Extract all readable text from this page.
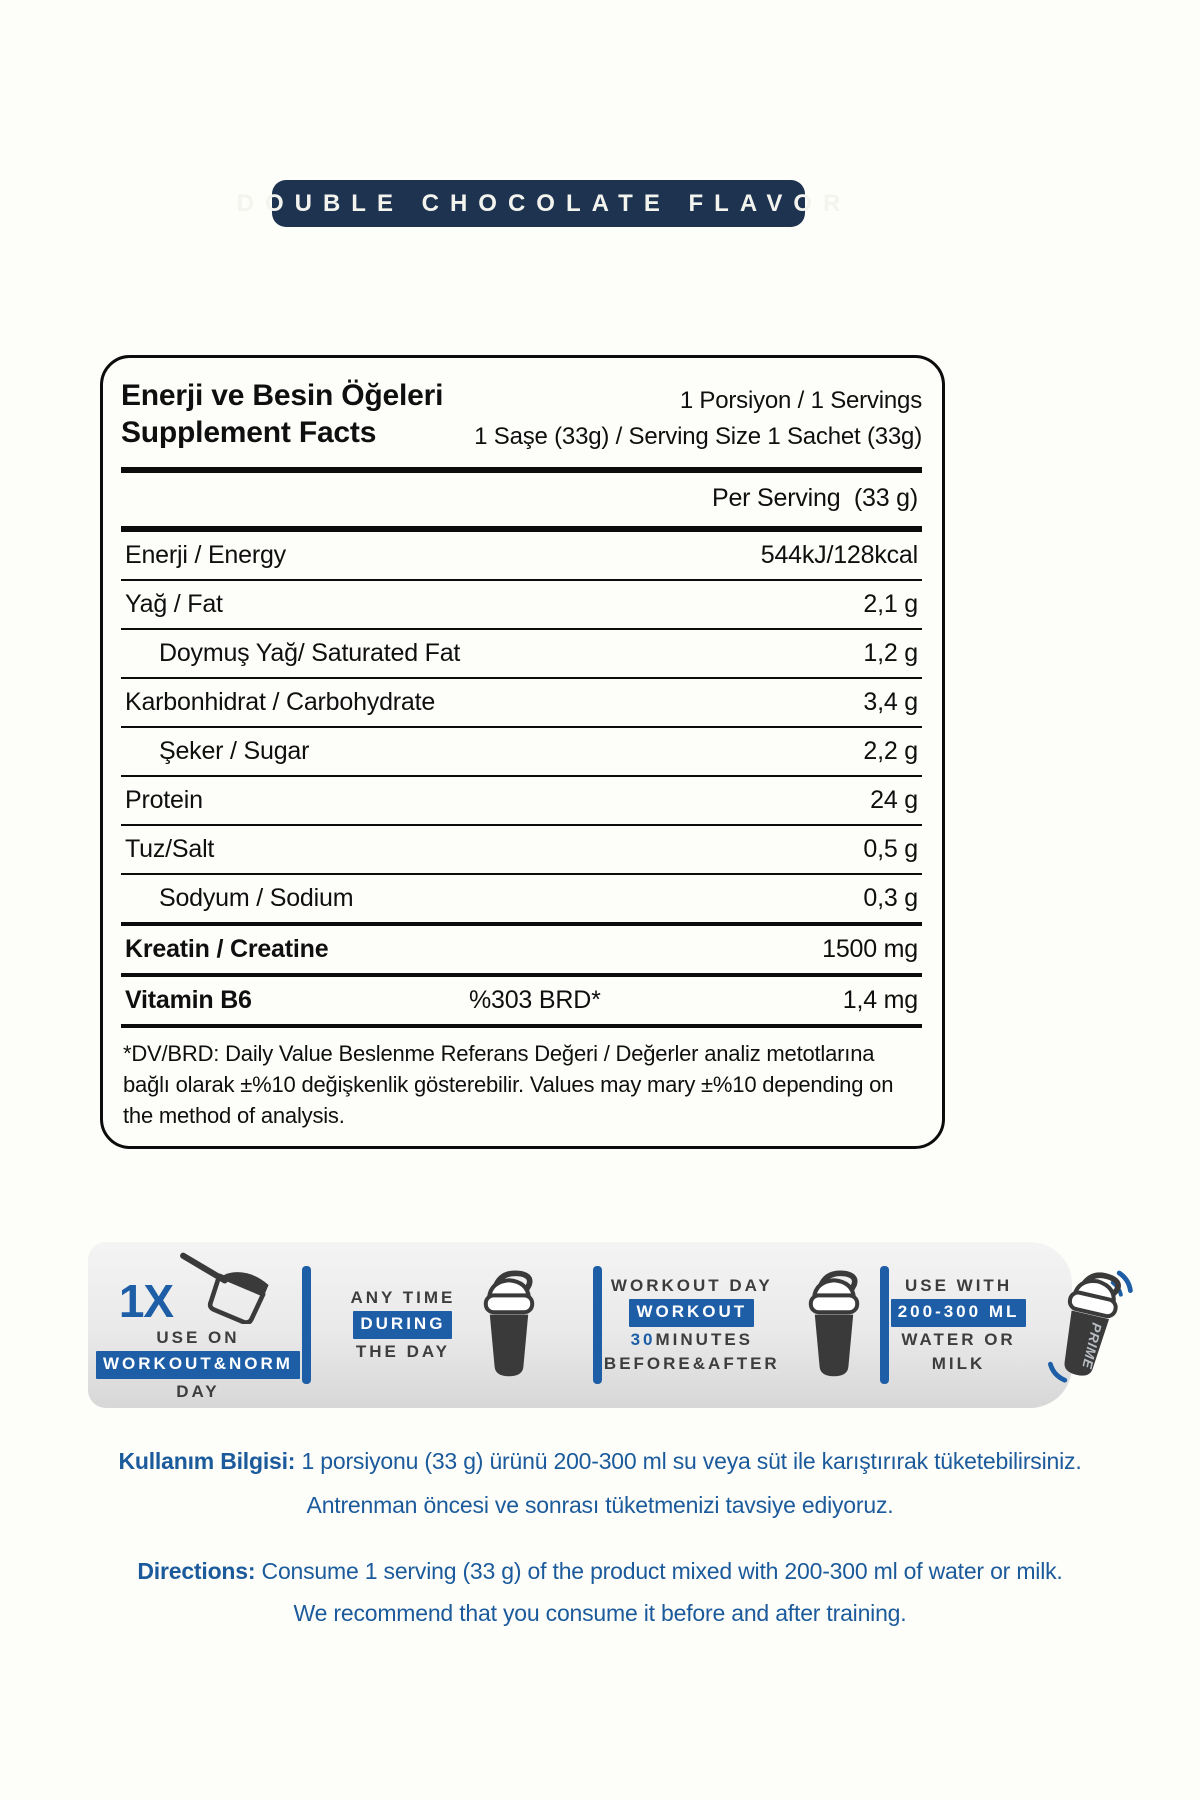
DOUBLE CHOCOLATE FLAVOR
Enerji ve Besin Öğeleri
Supplement Facts
1 Porsiyon / 1 Servings
1 Saşe (33g) / Serving Size 1 Sachet (33g)
Per Serving  (33 g)
Enerji / Energy	544kJ/128kcal
Yağ / Fat	2,1 g
Doymuş Yağ/ Saturated Fat	1,2 g
Karbonhidrat / Carbohydrate	3,4 g
Şeker / Sugar	2,2 g
Protein	24 g
Tuz/Salt	0,5 g
Sodyum / Sodium	0,3 g
Kreatin / Creatine	1500 mg
Vitamin B6	%303 BRD*	1,4 mg

*DV/BRD: Daily Value Beslenme Referans Değeri / Değerler analiz metotlarına bağlı olarak ±%10 değişkenlik gösterebilir. Values may mary ±%10 depending on the method of analysis.

1X
USE ON
WORKOUT&NORM
DAY
ANY TIME
DURING
THE DAY
WORKOUT DAY
WORKOUT
30MINUTES
BEFORE&AFTER
USE WITH
200-300 ML
WATER OR
MILK	PRIME

Kullanım Bilgisi: 1 porsiyonu (33 g) ürünü 200-300 ml su veya süt ile karıştırırak tüketebilirsiniz.

Antrenman öncesi ve sonrası tüketmenizi tavsiye ediyoruz.

Directions: Consume 1 serving (33 g) of the product mixed with 200-300 ml of water or milk.

We recommend that you consume it before and after training.
